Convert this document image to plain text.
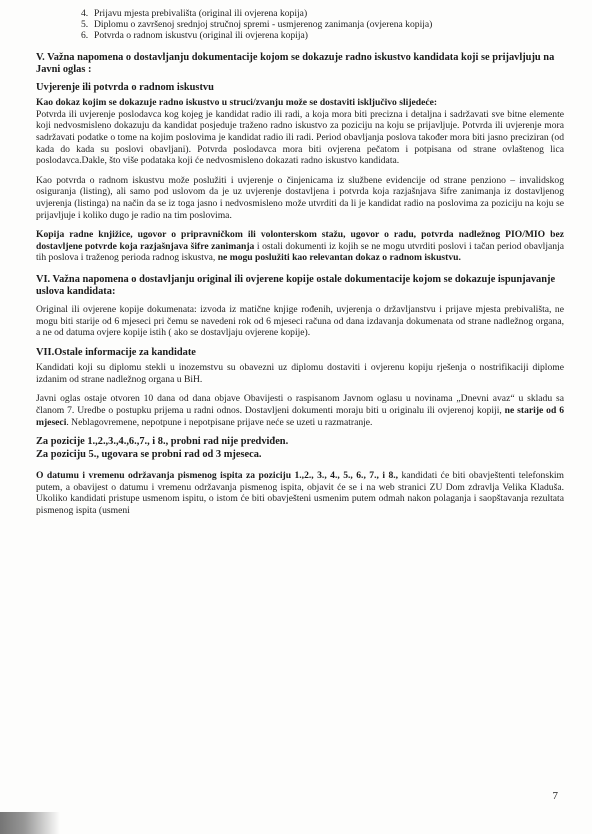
4. Prijavu mjesta prebivališta (original ili ovjerena kopija)
5. Diplomu o završenoj srednjoj stručnoj spremi - usmjerenog zanimanja (ovjerena kopija)
6. Potvrda o radnom iskustvu (original ili ovjerena kopija)
V. Važna napomena o dostavljanju dokumentacije kojom se dokazuje radno iskustvo kandidata koji se prijavljuju na Javni oglas :
Uvjerenje ili potvrda o radnom iskustvu

Kao dokaz kojim se dokazuje radno iskustvo u struci/zvanju može se dostaviti isključivo slijedeće:

Potvrda ili uvjerenje poslodavca kog kojeg je kandidat radio ili radi, a koja mora biti precizna i detaljna i sadržavati sve bitne elemente koji nedvosmisleno dokazuju da kandidat posjeduje traženo radno iskustvo za poziciju na koju se prijavljuje. Potvrda ili uvjerenje mora sadržavati podatke o tome na kojim poslovima je kandidat radio ili radi. Period obavljanja poslova također mora biti jasno preciziran (od kada do kada su poslovi obavljani). Potvrda poslodavca mora biti ovjerena pečatom i potpisana od strane ovlaštenog lica poslodavca.Dakle, što više podataka koji će nedvosmisleno dokazati radno iskustvo kandidata.

Kao potvrda o radnom iskustvu može poslužiti i uvjerenje o činjenicama iz službene evidencije od strane penziono – invalidskog osiguranja (listing), ali samo pod uslovom da je uz uvjerenje dostavljena i potvrda koja razjašnjava šifre zanimanja iz dostavljenog uvjerenja (listinga) na način da se iz toga jasno i nedvosmisleno može utvrditi da li je kandidat radio na poslovima za poziciju na koju se prijavljuje i koliko dugo je radio na tim poslovima.

Kopija radne knjižice, ugovor o pripravničkom ili volonterskom stažu, ugovor o radu, potvrda nadležnog PIO/MIO bez dostavljene potvrde koja razjašnjava šifre zanimanja i ostali dokumenti iz kojih se ne mogu utvrditi poslovi i tačan period obavljanja tih poslova i traženog perioda radnog iskustva, ne mogu poslužiti kao relevantan dokaz o radnom iskustvu.

VI. Važna napomena o dostavljanju original ili ovjerene kopije ostale dokumentacije kojom se dokazuje ispunjavanje uslova kandidata:

Original ili ovjerene kopije dokumenata: izvoda iz matične knjige rođenih, uvjerenja o državljanstvu i prijave mjesta prebivališta, ne mogu biti starije od 6 mjeseci pri čemu se navedeni rok od 6 mjeseci računa od dana izdavanja dokumenata od strane nadležnog organa, a ne od datuma ovjere kopije istih ( ako se dostavljaju ovjerene kopije).

VII.Ostale informacije za kandidate

Kandidati koji su diplomu stekli u inozemstvu su obavezni uz diplomu dostaviti i ovjerenu kopiju rješenja o nostrifikaciji diplome izdanim od strane nadležnog organa u BiH.

Javni oglas ostaje otvoren 10 dana od dana objave Obavijesti o raspisanom Javnom oglasu u novinama „Dnevni avaz“ u skladu sa članom 7. Uredbe o postupku prijema u radni odnos. Dostavljeni dokumenti moraju biti u originalu ili ovjerenoj kopiji, ne starije od 6 mjeseci. Neblagovremene, nepotpune i nepotpisane prijave neće se uzeti u razmatranje.

Za pozicije 1.,2.,3.,4.,6.,7., i 8., probni rad nije predviđen.
Za poziciju 5., ugovara se probni rad od 3 mjeseca.

O datumu i vremenu održavanja pismenog ispita za poziciju 1.,2., 3., 4., 5., 6., 7., i 8., kandidati će biti obavještenti telefonskim putem, a obavijest o datumu i vremenu održavanja pismenog ispita, objavit će se i na web stranici ZU Dom zdravlja Velika Kladuša. Ukoliko kandidati pristupe usmenom ispitu, o istom će biti obavješteni usmenim putem odmah nakon polaganja i saopštavanja rezultata pismenog ispita (usmeni

7
